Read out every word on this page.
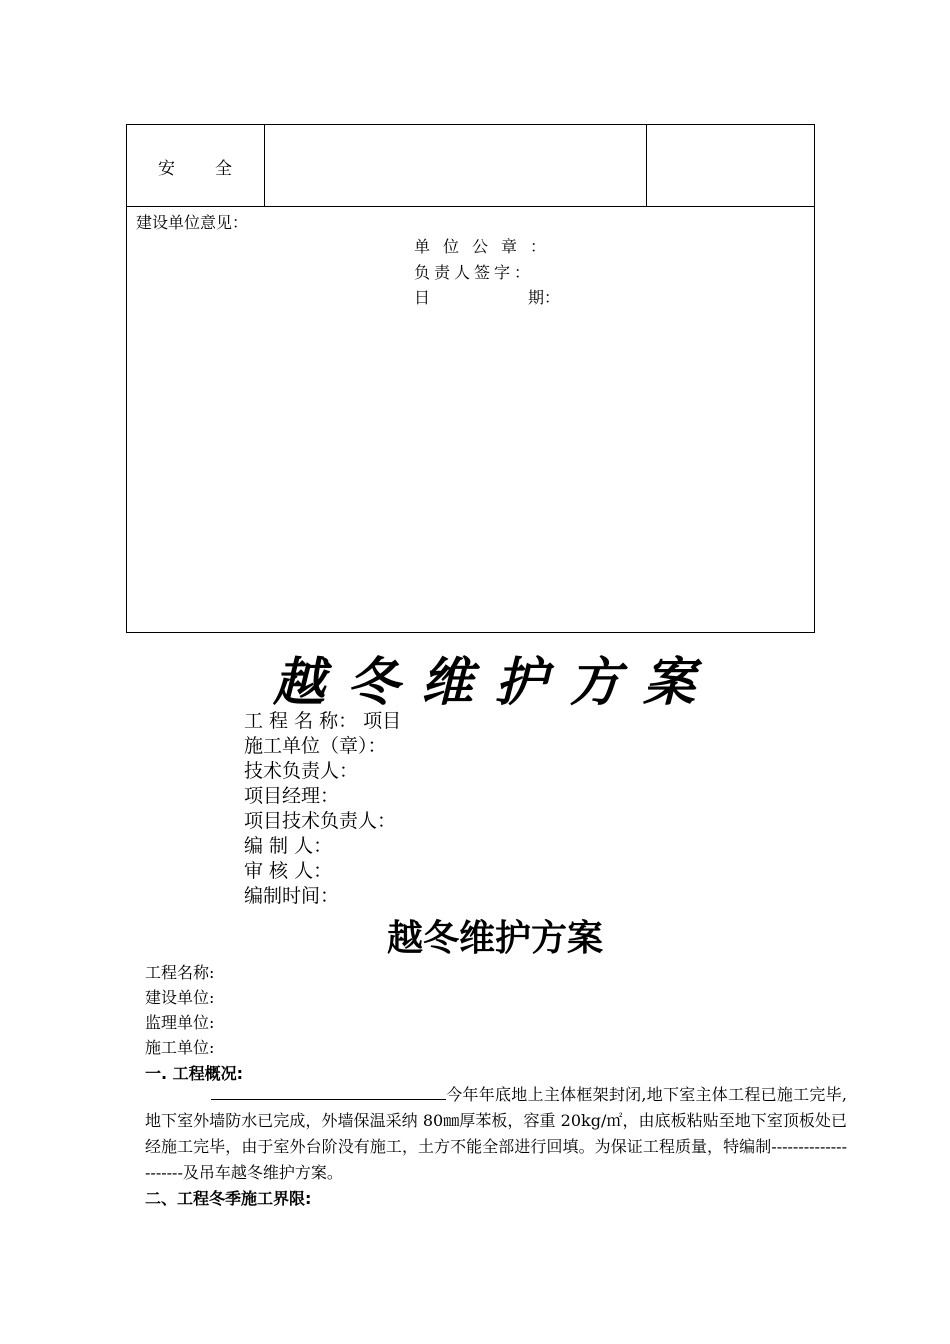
安全
建设单位意见：
单位公章：
负责人签字：
日	期：
越冬维护方案
工 程 名 称： 项目
施工单位（章）：
技术负责人：
项目经理：
项目技术负责人：
编 制 人：
审 核 人：
编制时间：
越冬维护方案
工程名称:
建设单位:
监理单位:
施工单位:
一. 工程概况:
今年年底地上主体框架封闭,地下室主体工程已施工完毕,地下室外墙防水已完成，外墙保温采纳 80㎜厚苯板，容重 20kg/㎡，由底板粘贴至地下室顶板处已经施工完毕，由于室外台阶没有施工，土方不能全部进行回填。为保证工程质量，特编制---------------------及吊车越冬维护方案。
二、工程冬季施工界限:
